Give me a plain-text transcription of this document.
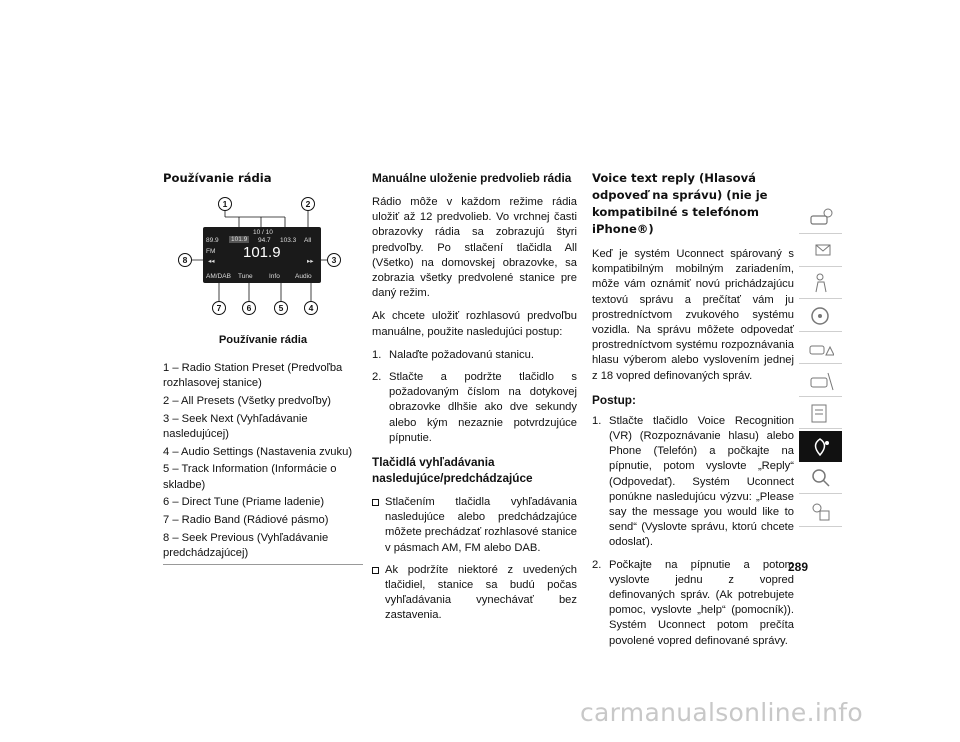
Používanie rádia
10 / 10
89.9	101.9	94.7 103.3 All
FM
◂◂
101.9
▸▸
AM/DAB Tune	Info Audio
1	2
3
4
5
6
7
8
Používanie rádia
1 – Radio Station Preset (Predvoľba rozhlasovej stanice)
2 – All Presets (Všetky predvoľby)
3 – Seek Next (Vyhľadávanie nasledujúcej)
4 – Audio Settings (Nastavenia zvuku)
5 – Track Information (Informácie o skladbe)
6 – Direct Tune (Priame ladenie)
7 – Radio Band (Rádiové pásmo)
8 – Seek Previous (Vyhľadávanie predchádzajúcej)
Manuálne uloženie predvolieb rádia

Rádio môže v každom režime rádia uložiť až 12 predvolieb. Vo vrchnej časti obrazovky rádia sa zobrazujú štyri predvoľby. Po stlačení tlačidla All (Všetko) na domovskej obrazovke, sa zobrazia všetky predvolené stanice pre daný režim.

Ak chcete uložiť rozhlasovú predvoľbu manuálne, použite nasledujúci postup:

1. Nalaďte požadovanú stanicu.
2. Stlačte a podržte tlačidlo s požadovaným číslom na dotykovej obrazovke dlhšie ako dve sekundy alebo kým nezaznie potvrdzujúce pípnutie.
Tlačidlá vyhľadávania nasledujúce/predchádzajúce
Stlačením tlačidla vyhľadávania nasledujúce alebo predchádzajúce môžete prechádzať rozhlasové stanice v pásmach AM, FM alebo DAB.
Ak podržíte niektoré z uvedených tlačidiel, stanice sa budú počas vyhľadávania vynechávať bez zastavenia.
Voice text reply (Hlasová odpoveď na správu) (nie je kompatibilné s telefónom iPhone®)

Keď je systém Uconnect spárovaný s kompatibilným mobilným zariadením, môže vám oznámiť novú prichádzajúcu textovú správu a prečítať vám ju prostredníctvom zvukového systému vozidla. Na správu môžete odpovedať prostredníctvom systému rozpoznávania hlasu výberom alebo vyslovením jednej z 18 vopred definovaných správ.

Postup:
1. Stlačte tlačidlo Voice Recognition (VR) (Rozpoznávanie hlasu) alebo Phone (Telefón) a počkajte na pípnutie, potom vyslovte „Reply“ (Odpovedať). Systém Uconnect ponúkne nasledujúcu výzvu: „Please say the message you would like to send“ (Vyslovte správu, ktorú chcete odoslať).
2. Počkajte na pípnutie a potom vyslovte jednu z vopred definovaných správ. (Ak potrebujete pomoc, vyslovte „help“ (pomocník)). Systém Uconnect potom prečíta povolené vopred definované správy.
289
carmanualsonline.info
